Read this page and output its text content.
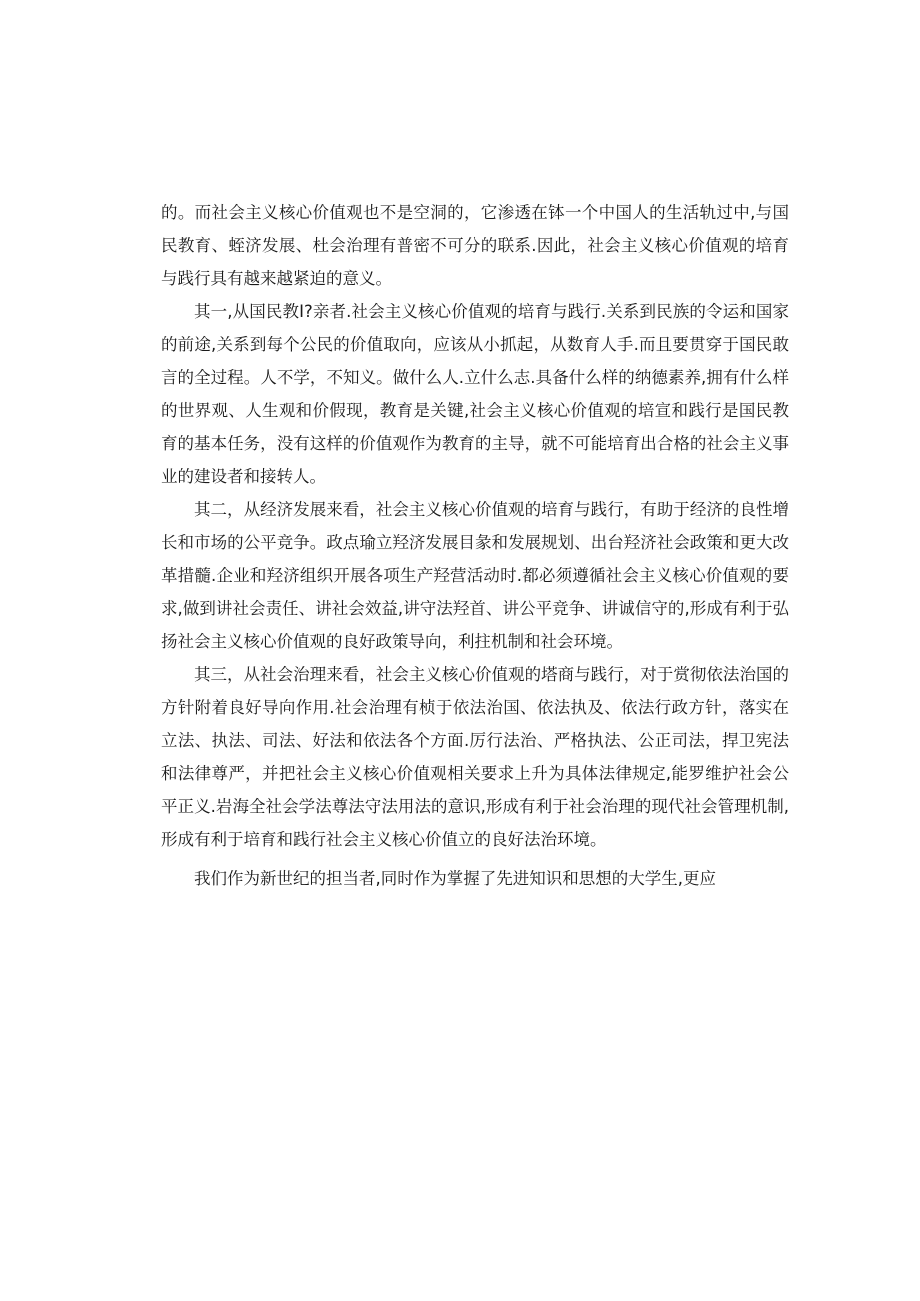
的。而社会主义核心价值观也不是空洞的，它渗透在钵一个中国人的生活轨过中,与国民教育、蛭济发展、杜会治理有普密不可分的联系.因此，社会主义核心价值观的培育与践行具有越来越紧迫的意义。

其一,从国民教I?亲者.社会主义核心价值观的培育与践行.关系到民族的令运和国家的前途,关系到每个公民的价值取向，应该从小抓起，从数育人手.而且要贯穿于国民敢言的全过程。人不学，不知义。做什么人.立什么志.具备什么样的纳德素养,拥有什么样的世界观、人生观和价假现，教育是关键,社会主义核心价值观的培宣和践行是国民教育的基本任务，没有这样的价值观作为教育的主导，就不可能培育出合格的社会主义事业的建设者和接转人。

其二，从经济发展来看，社会主义核心价值观的培育与践行，有助于经济的良性增长和市场的公平竞争。政点瑜立羟济发展目彖和发展规划、出台羟济社会政策和更大改革措髓.企业和羟济组织开展各项生产羟营活动时.都必须遵循社会主义核心价值观的要求,做到讲社会责任、讲社会效益,讲守法羟首、讲公平竞争、讲诚信守的,形成有利于弘扬社会主义核心价值观的良好政策导向，利拄机制和社会环境。

其三，从社会治理来看，社会主义核心价值观的塔商与践行，对于赏彻依法治国的方针附着良好导向作用.社会治理有桢于依法治国、依法执及、依法行政方针，落实在立法、执法、司法、好法和依法各个方面.厉行法治、严格执法、公正司法，捍卫宪法和法律尊严，并把社会主义核心价值观相关要求上升为具体法律规定,能罗维护社会公平正义.岩海全社会学法尊法守法用法的意识,形成有利于社会治理的现代社会管理机制,形成有利于培育和践行社会主义核心价值立的良好法治环境。

我们作为新世纪的担当者,同时作为掌握了先进知识和思想的大学生,更应
